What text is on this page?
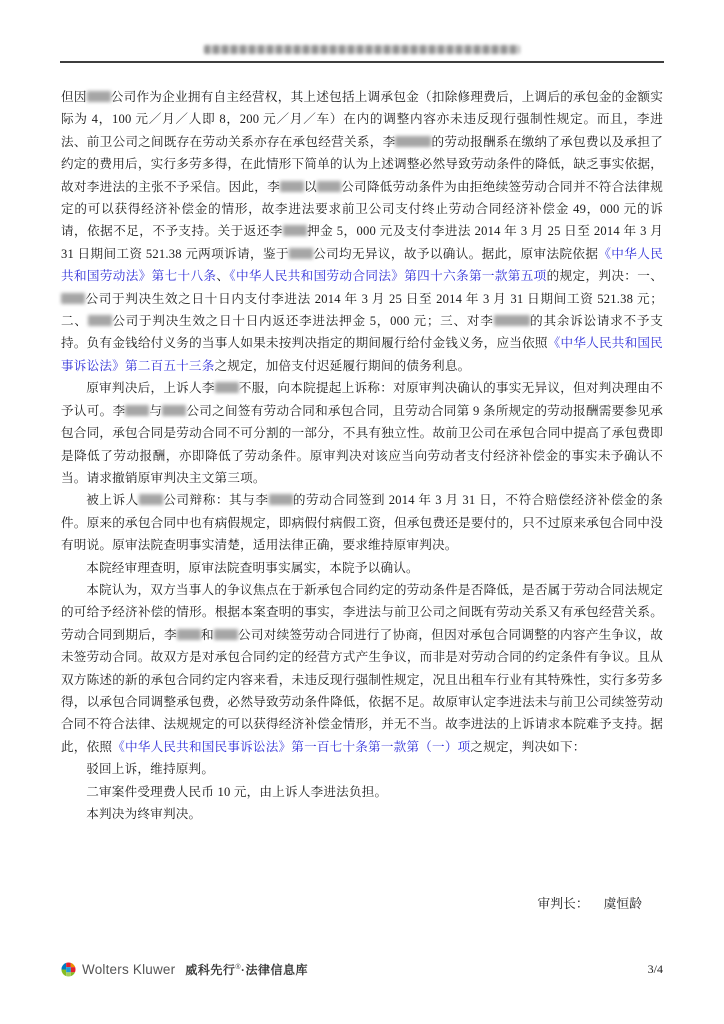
但因 公司作为企业拥有自主经营权，其上述包括上调承包金（扣除修理费后，上调后的承包金的金额实际为 4，100 元／月／人即 8，200 元／月／车）在内的调整内容亦未违反现行强制性规定。而且，李进法、前卫公司之间既存在劳动关系亦存在承包经营关系，李	的劳动报酬系在缴纳了承包费以及承担了约定的费用后，实行多劳多得，在此情形下简单的认为上述调整必然导致劳动条件的降低，缺乏事实依据，故对李进法的主张不予采信。因此，李 以 公司降低劳动条件为由拒绝续签劳动合同并不符合法律规定的可以获得经济补偿金的情形，故李进法要求前卫公司支付终止劳动合同经济补偿金 49，000 元的诉请，依据不足，不予支持。关于返还李 押金 5，000 元及支付李进法 2014 年 3 月 25 日至 2014 年 3 月 31 日期间工资 521.38 元两项诉请，鉴于 公司均无异议，故予以确认。据此，原审法院依据《中华人民共和国劳动法》第七十八条、《中华人民共和国劳动合同法》第四十六条第一款第五项的规定，判决：一、公司于判决生效之日十日内支付李进法 2014 年 3 月 25 日至 2014 年 3 月 31 日期间工资 521.38 元；二、 公司于判决生效之日十日内返还李进法押金 5，000 元；三、对李	的其余诉讼请求不予支持。负有金钱给付义务的当事人如果未按判决指定的期间履行给付金钱义务，应当依照《中华人民共和国民事诉讼法》第二百五十三条之规定，加倍支付迟延履行期间的债务利息。

原审判决后，上诉人李 不服，向本院提起上诉称：对原审判决确认的事实无异议，但对判决理由不予认可。李 与 公司之间签有劳动合同和承包合同，且劳动合同第 9 条所规定的劳动报酬需要参见承包合同，承包合同是劳动合同不可分割的一部分，不具有独立性。故前卫公司在承包合同中提高了承包费即是降低了劳动报酬，亦即降低了劳动条件。原审判决对该应当向劳动者支付经济补偿金的事实未予确认不当。请求撤销原审判决主文第三项。

被上诉人 公司辩称：其与李 的劳动合同签到 2014 年 3 月 31 日，不符合赔偿经济补偿金的条件。原来的承包合同中也有病假规定，即病假付病假工资，但承包费还是要付的，只不过原来承包合同中没有明说。原审法院查明事实清楚，适用法律正确，要求维持原审判决。

本院经审理查明，原审法院查明事实属实，本院予以确认。

本院认为，双方当事人的争议焦点在于新承包合同约定的劳动条件是否降低，是否属于劳动合同法规定的可给予经济补偿的情形。根据本案查明的事实，李进法与前卫公司之间既有劳动关系又有承包经营关系。劳动合同到期后，李 和 公司对续签劳动合同进行了协商，但因对承包合同调整的内容产生争议，故未签劳动合同。故双方是对承包合同约定的经营方式产生争议，而非是对劳动合同的约定条件有争议。且从双方陈述的新的承包合同约定内容来看，未违反现行强制性规定，况且出租车行业有其特殊性，实行多劳多得，以承包合同调整承包费，必然导致劳动条件降低，依据不足。故原审认定李进法未与前卫公司续签劳动合同不符合法律、法规规定的可以获得经济补偿金情形，并无不当。故李进法的上诉请求本院难予支持。据此，依照《中华人民共和国民事诉讼法》第一百七十条第一款第（一）项之规定，判决如下：

驳回上诉，维持原判。

二审案件受理费人民币 10 元，由上诉人李进法负担。

本判决为终审判决。

审判长： 虞恒龄
Wolters Kluwer 威科先行®·法律信息库	3/4
